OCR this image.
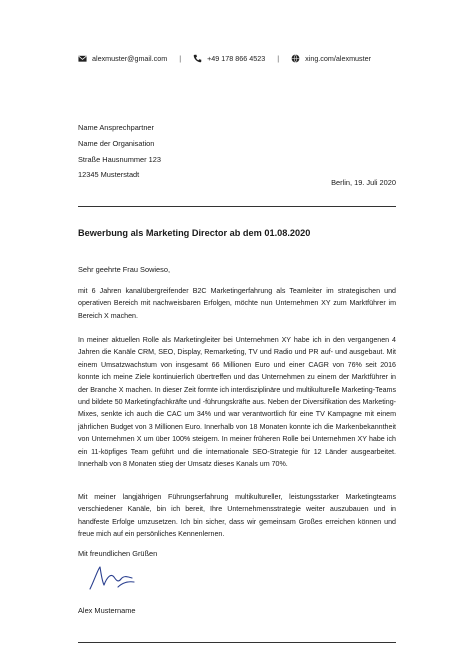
alexmuster@gmail.com |	+49 178 866 4523 |	xing.com/alexmuster
Name Ansprechpartner
Name der Organisation
Straße Hausnummer 123
12345 Musterstadt
Berlin, 19. Juli 2020
Bewerbung als Marketing Director ab dem 01.08.2020
Sehr geehrte Frau Sowieso,
mit 6 Jahren kanalübergreifender B2C Marketingerfahrung als Teamleiter im strategischen und operativen Bereich mit nachweisbaren Erfolgen, möchte nun Unternehmen XY zum Marktführer im Bereich X machen.
In meiner aktuellen Rolle als Marketingleiter bei Unternehmen XY habe ich in den vergangenen 4 Jahren die Kanäle CRM, SEO, Display, Remarketing, TV und Radio und PR auf- und ausgebaut. Mit einem Umsatzwachstum von insgesamt 66 Millionen Euro und einer CAGR von 76% seit 2016 konnte ich meine Ziele kontinuierlich übertreffen und das Unternehmen zu einem der Marktführer in der Branche X machen. In dieser Zeit formte ich interdisziplinäre und multikulturelle Marketing-Teams und bildete 50 Marketingfachkräfte und -führungskräfte aus. Neben der Diversifikation des Marketing-Mixes, senkte ich auch die CAC um 34% und war verantwortlich für eine TV Kampagne mit einem jährlichen Budget von 3 Millionen Euro. Innerhalb von 18 Monaten konnte ich die Markenbekanntheit von Unternehmen X um über 100% steigern. In meiner früheren Rolle bei Unternehmen XY habe ich ein 11-köpfiges Team geführt und die internationale SEO-Strategie für 12 Länder ausgearbeitet. Innerhalb von 8 Monaten stieg der Umsatz dieses Kanals um 70%.
Mit meiner langjährigen Führungserfahrung multikultureller, leistungsstarker Marketingteams verschiedener Kanäle, bin ich bereit, Ihre Unternehmensstrategie weiter auszubauen und in handfeste Erfolge umzusetzen. Ich bin sicher, dass wir gemeinsam Großes erreichen können und freue mich auf ein persönliches Kennenlernen.
Mit freundlichen Grüßen
Alex Mustername
